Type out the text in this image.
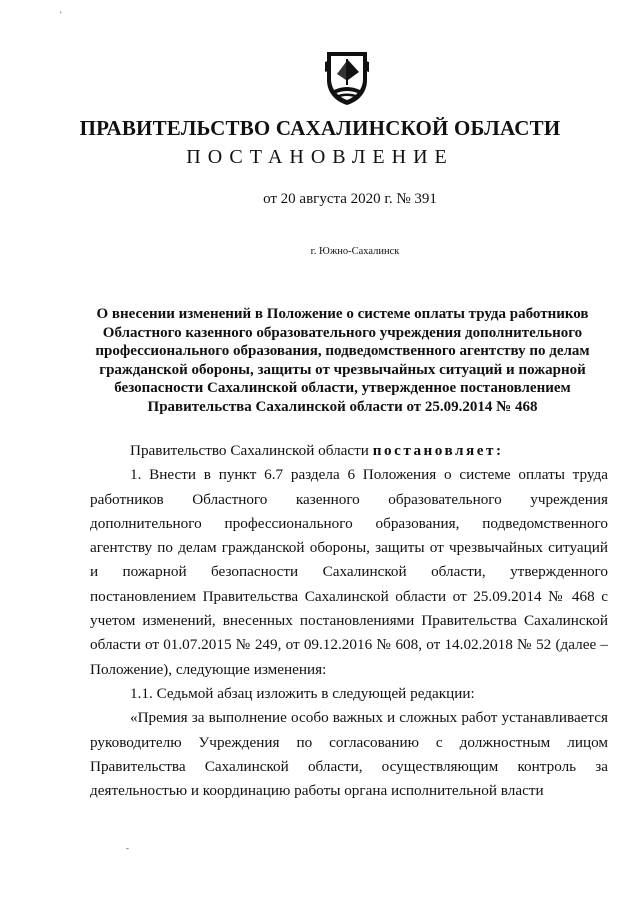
'
-
ПРАВИТЕЛЬСТВО САХАЛИНСКОЙ ОБЛАСТИ
ПОСТАНОВЛЕНИЕ
от 20 августа 2020 г. № 391
г. Южно-Сахалинск
О внесении изменений в Положение о системе оплаты труда работников Областного казенного образовательного учреждения дополнительного профессионального образования, подведомственного агентству по делам гражданской обороны, защиты от чрезвычайных ситуаций и пожарной безопасности Сахалинской области, утвержденное постановлением Правительства Сахалинской области от 25.09.2014 № 468

Правительство Сахалинской области постановляет:

1. Внести в пункт 6.7 раздела 6 Положения о системе оплаты труда работников Областного казенного образовательного учреждения дополнительного профессионального образования, подведомственного агентству по делам гражданской обороны, защиты от чрезвычайных ситуаций и пожарной безопасности Сахалинской области, утвержденного постановлением Правительства Сахалинской области от 25.09.2014 № 468 с учетом изменений, внесенных постановлениями Правительства Сахалинской области от 01.07.2015 № 249, от 09.12.2016 № 608, от 14.02.2018 № 52 (далее – Положение), следующие изменения:

1.1. Седьмой абзац изложить в следующей редакции:

«Премия за выполнение особо важных и сложных работ устанавливается руководителю Учреждения по согласованию с должностным лицом Правительства Сахалинской области, осуществляющим контроль за деятельностью и координацию работы органа исполнительной власти
